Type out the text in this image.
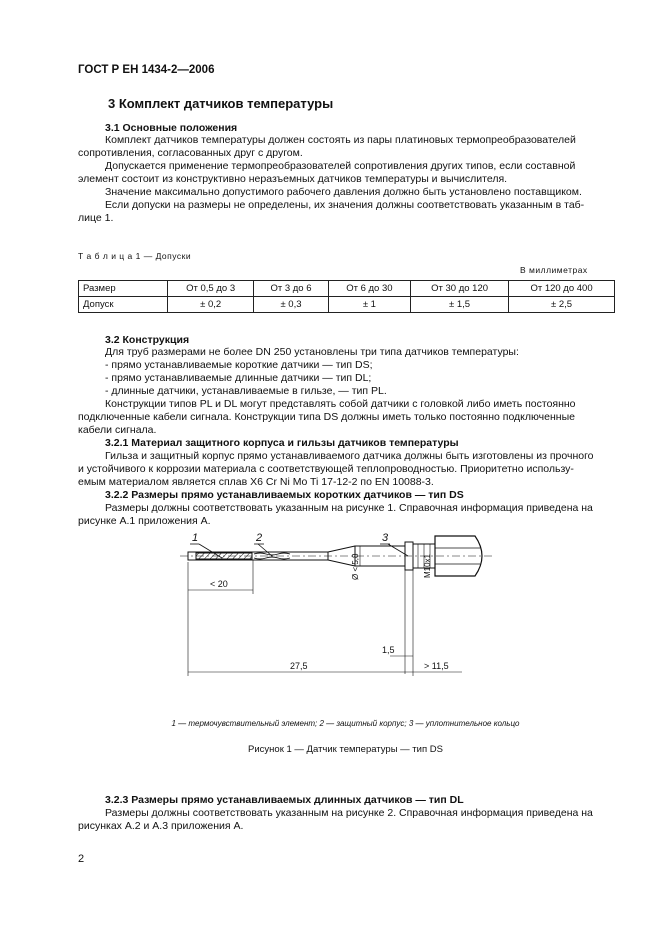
ГОСТ Р ЕН 1434-2—2006
3 Комплект датчиков температуры
3.1 Основные положения
Комплект датчиков температуры должен состоять из пары платиновых термопреобразователей
сопротивления, согласованных друг с другом.
Допускается применение термопреобразователей сопротивления других типов, если составной
элемент состоит из конструктивно неразъемных датчиков температуры и вычислителя.
Значение максимально допустимого рабочего давления должно быть установлено поставщиком.
Если допуски на размеры не определены, их значения должны соответствовать указанным в таб-
лице 1.
Т а б л и ц а 1 — Допуски
В миллиметрах
Размер	От 0,5 до 3	От 3 до 6	От 6 до 30	От 30 до 120	От 120 до 400
Допуск	± 0,2	± 0,3	± 1	± 1,5	± 2,5
3.2 Конструкция
Для труб размерами не более DN 250 установлены три типа датчиков температуры:
- прямо устанавливаемые короткие датчики — тип DS;
- прямо устанавливаемые длинные датчики — тип DL;
- длинные датчики, устанавливаемые в гильзе, — тип PL.
Конструкции типов PL и DL могут представлять собой датчики с головкой либо иметь постоянно
подключенные кабели сигнала. Конструкции типа DS должны иметь только постоянно подключенные
кабели сигнала.
3.2.1 Материал защитного корпуса и гильзы датчиков температуры
Гильза и защитный корпус прямо устанавливаемого датчика должны быть изготовлены из прочного
и устойчивого к коррозии материала с соответствующей теплопроводностью. Приоритетно использу-
емым материалом является сплав X6 Cr Ni Mo Ti 17-12-2 по EN 10088-3.
3.2.2 Размеры прямо устанавливаемых коротких датчиков — тип DS
Размеры должны соответствовать указанным на рисунке 1. Справочная информация приведена на
рисунке А.1 приложения А.
1	2	3
< 20
Ø < 5,8	M10x1
1,5
27,5	> 11,5
1 — термочувствительный элемент; 2 — защитный корпус; 3 — уплотнительное кольцо
Рисунок 1 — Датчик температуры — тип DS
3.2.3 Размеры прямо устанавливаемых длинных датчиков — тип DL
Размеры должны соответствовать указанным на рисунке 2. Справочная информация приведена на
рисунках А.2 и А.3 приложения А.
2
